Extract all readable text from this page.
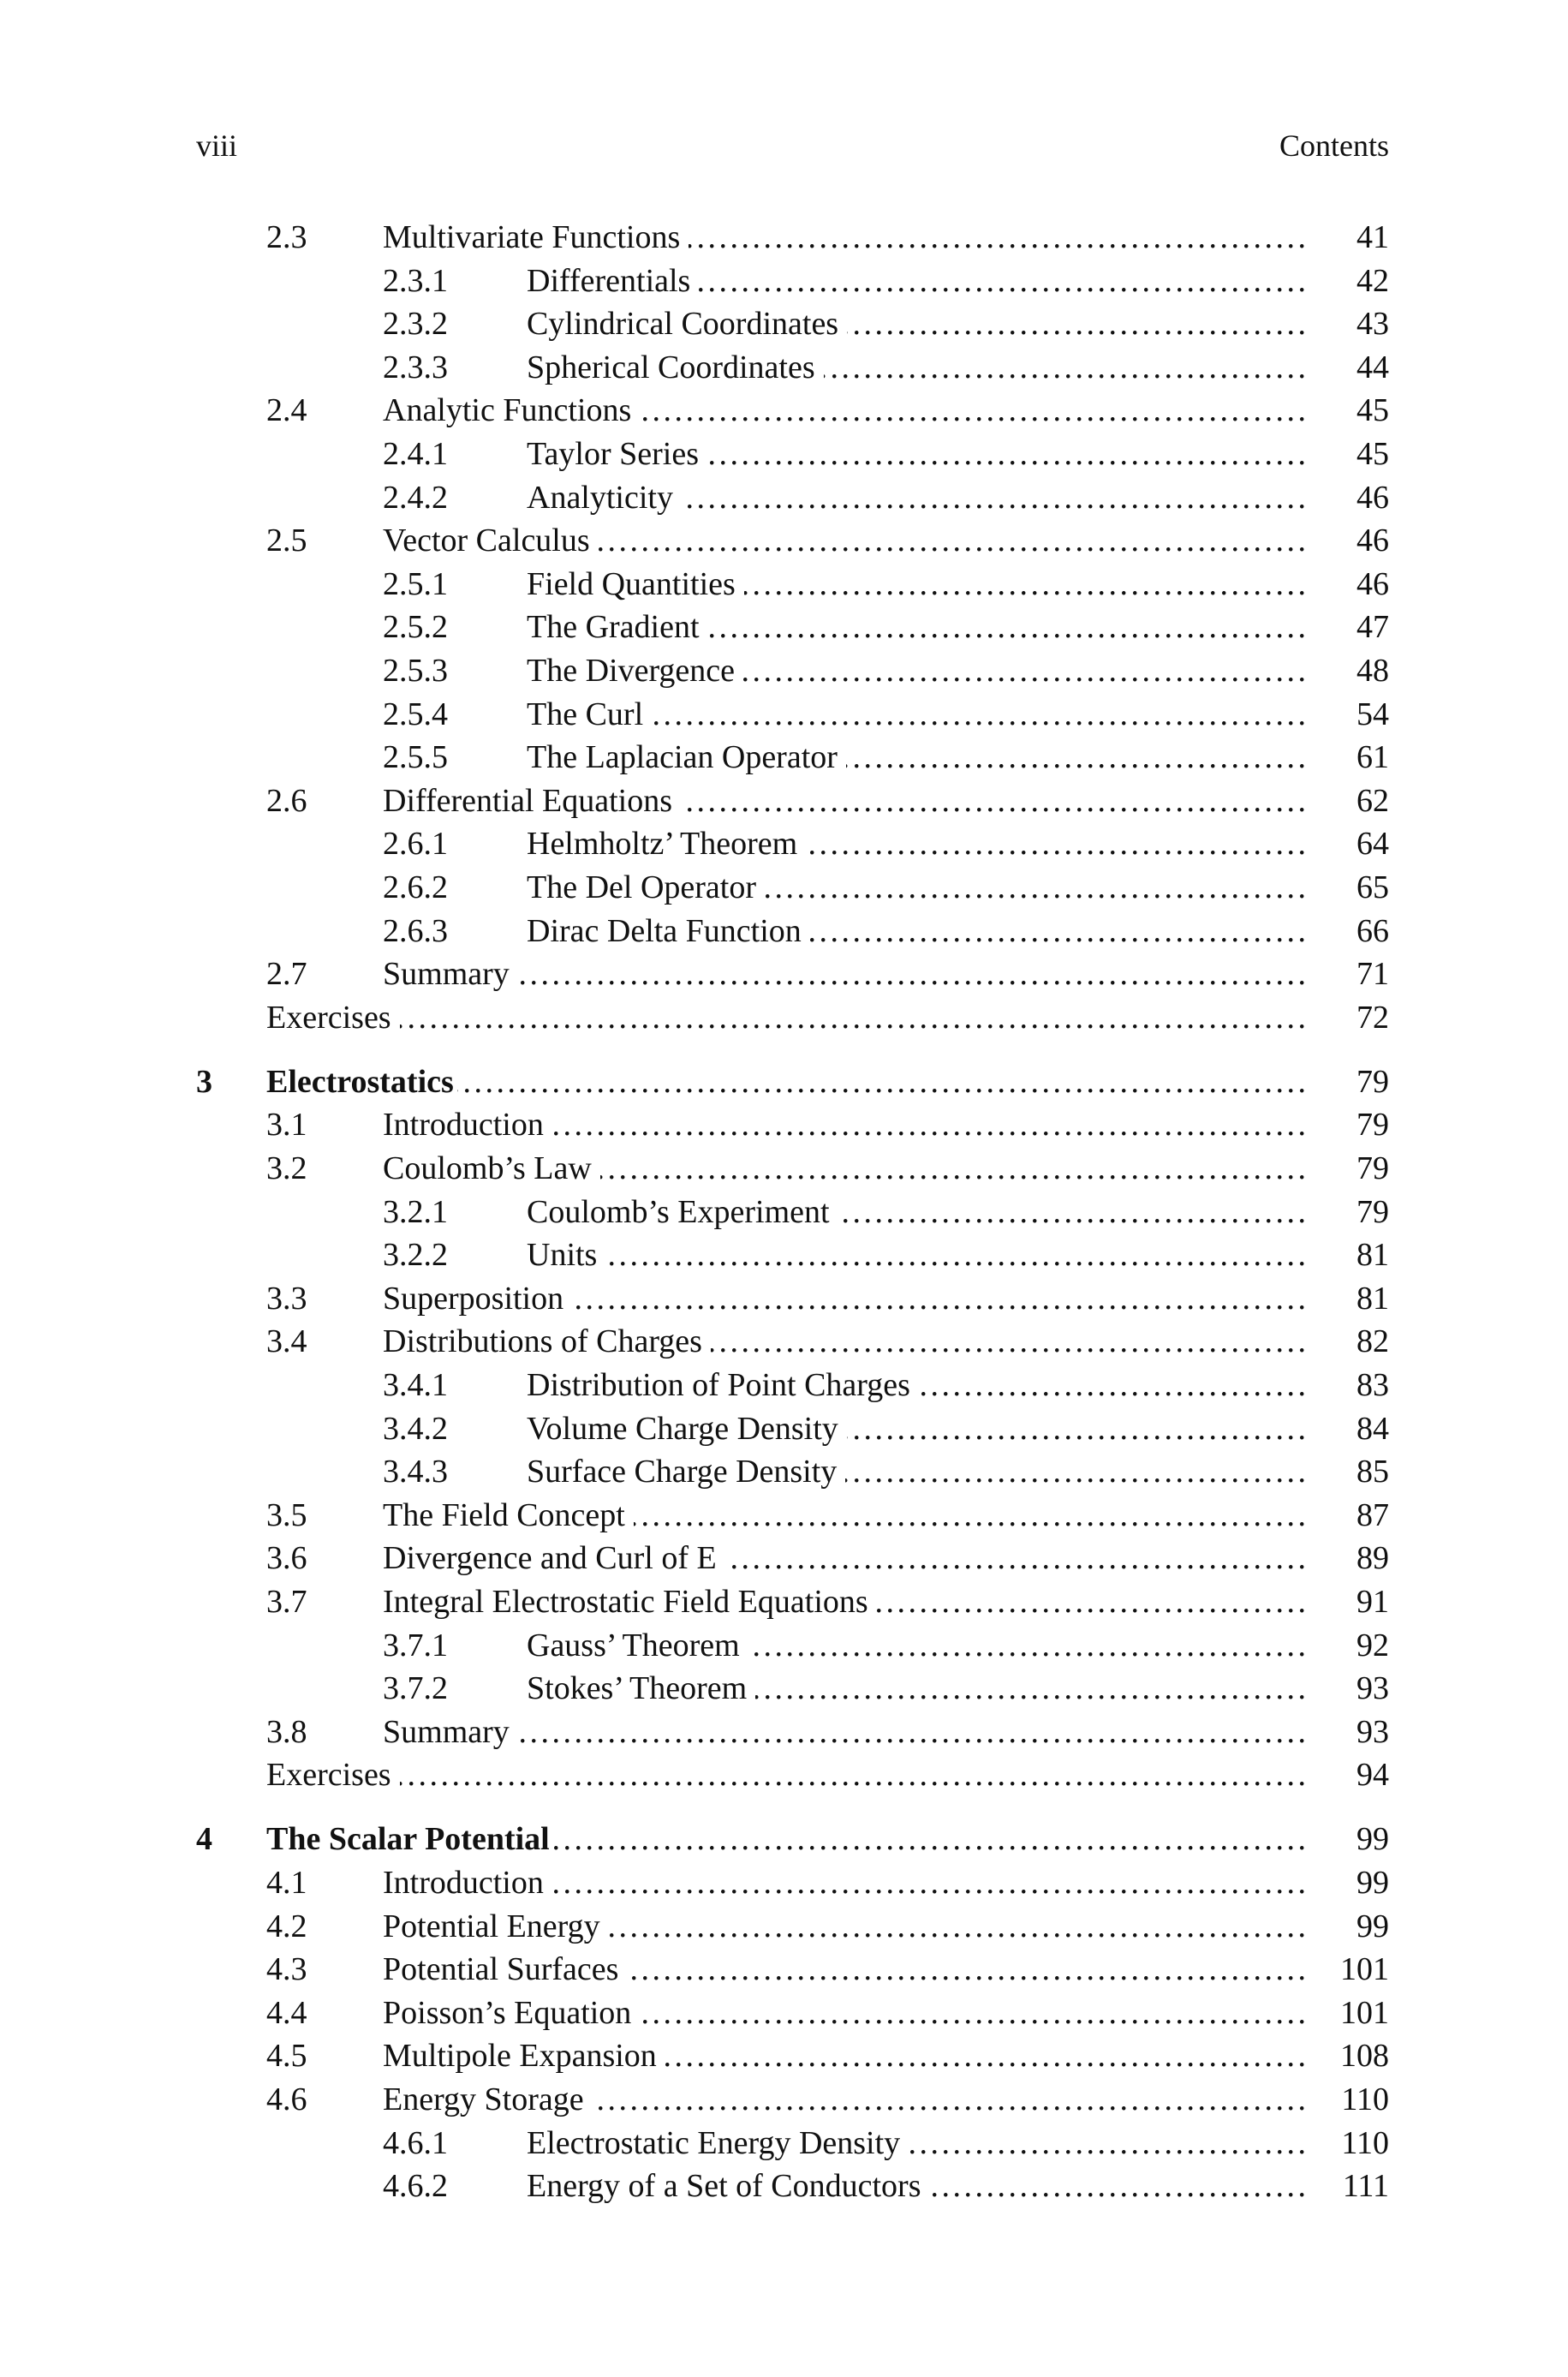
viii	Contents
2.3 Multivariate Functions . . .	41
2.3.1 Differentials . . .	42
2.3.2 Cylindrical Coordinates . . .	43
2.3.3 Spherical Coordinates . . .	44
2.4 Analytic Functions . . .	45
2.4.1 Taylor Series . . .	45
2.4.2 Analyticity . . .	46
2.5 Vector Calculus . . .	46
2.5.1 Field Quantities . . .	46
2.5.2 The Gradient . . .	47
2.5.3 The Divergence . . .	48
2.5.4 The Curl . . .	54
2.5.5 The Laplacian Operator . . .	61
2.6 Differential Equations . . .	62
2.6.1 Helmholtz’ Theorem . . .	64
2.6.2 The Del Operator . . .	65
2.6.3 Dirac Delta Function . . .	66
2.7 Summary . . .	71
Exercises . . .	72
3 Electrostatics . . .	79
3.1 Introduction . . .	79
3.2 Coulomb’s Law . . .	79
3.2.1 Coulomb’s Experiment . . .	79
3.2.2 Units . . .	81
3.3 Superposition . . .	81
3.4 Distributions of Charges . . .	82
3.4.1 Distribution of Point Charges . . .	83
3.4.2 Volume Charge Density . . .	84
3.4.3 Surface Charge Density . . .	85
3.5 The Field Concept . . .	87
3.6 Divergence and Curl of E . . .	89
3.7 Integral Electrostatic Field Equations . . .	91
3.7.1 Gauss’ Theorem . . .	92
3.7.2 Stokes’ Theorem . . .	93
3.8 Summary . . .	93
Exercises . . .	94
4 The Scalar Potential . . .	99
4.1 Introduction . . .	99
4.2 Potential Energy . . .	99
4.3 Potential Surfaces . . .	101
4.4 Poisson’s Equation . . .	101
4.5 Multipole Expansion . . .	108
4.6 Energy Storage . . .	110
4.6.1 Electrostatic Energy Density . . .	110
4.6.2 Energy of a Set of Conductors . . .	111
